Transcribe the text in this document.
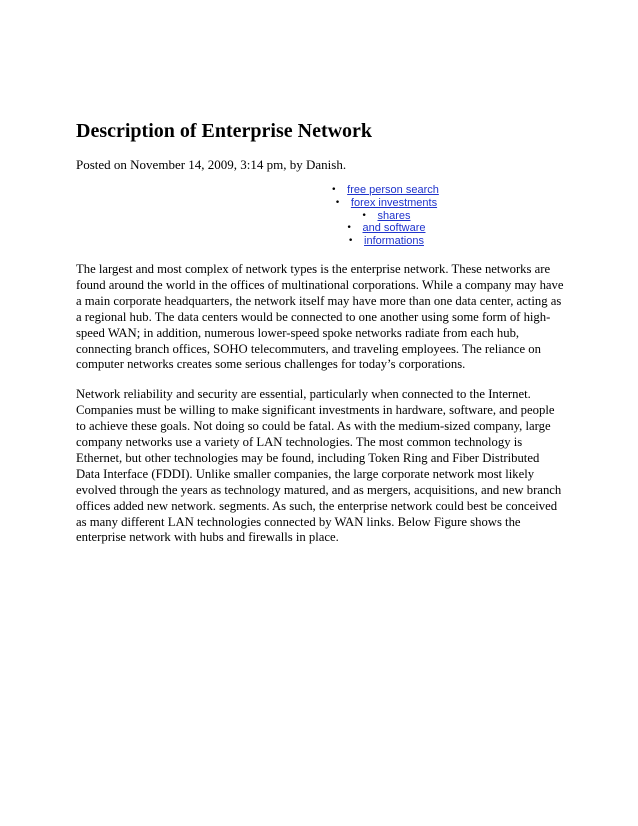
Description of Enterprise Network
Posted on November 14, 2009, 3:14 pm, by Danish.
• free person search
• forex investments
• shares
• and software
• informations

The largest and most complex of network types is the enterprise network. These networks are found around the world in the offices of multinational corporations. While a company may have a main corporate headquarters, the network itself may have more than one data center, acting as a regional hub. The data centers would be connected to one another using some form of high-speed WAN; in addition, numerous lower-speed spoke networks radiate from each hub, connecting branch offices, SOHO telecommuters, and traveling employees. The reliance on computer networks creates some serious challenges for today’s corporations.

Network reliability and security are essential, particularly when connected to the Internet. Companies must be willing to make significant investments in hardware, software, and people to achieve these goals. Not doing so could be fatal. As with the medium-sized company, large company networks use a variety of LAN technologies. The most common technology is Ethernet, but other technologies may be found, including Token Ring and Fiber Distributed Data Interface (FDDI). Unlike smaller companies, the large corporate network most likely evolved through the years as technology matured, and as mergers, acquisitions, and new branch offices added new network. segments. As such, the enterprise network could best be conceived as many different LAN technologies connected by WAN links. Below Figure shows the enterprise network with hubs and firewalls in place.
